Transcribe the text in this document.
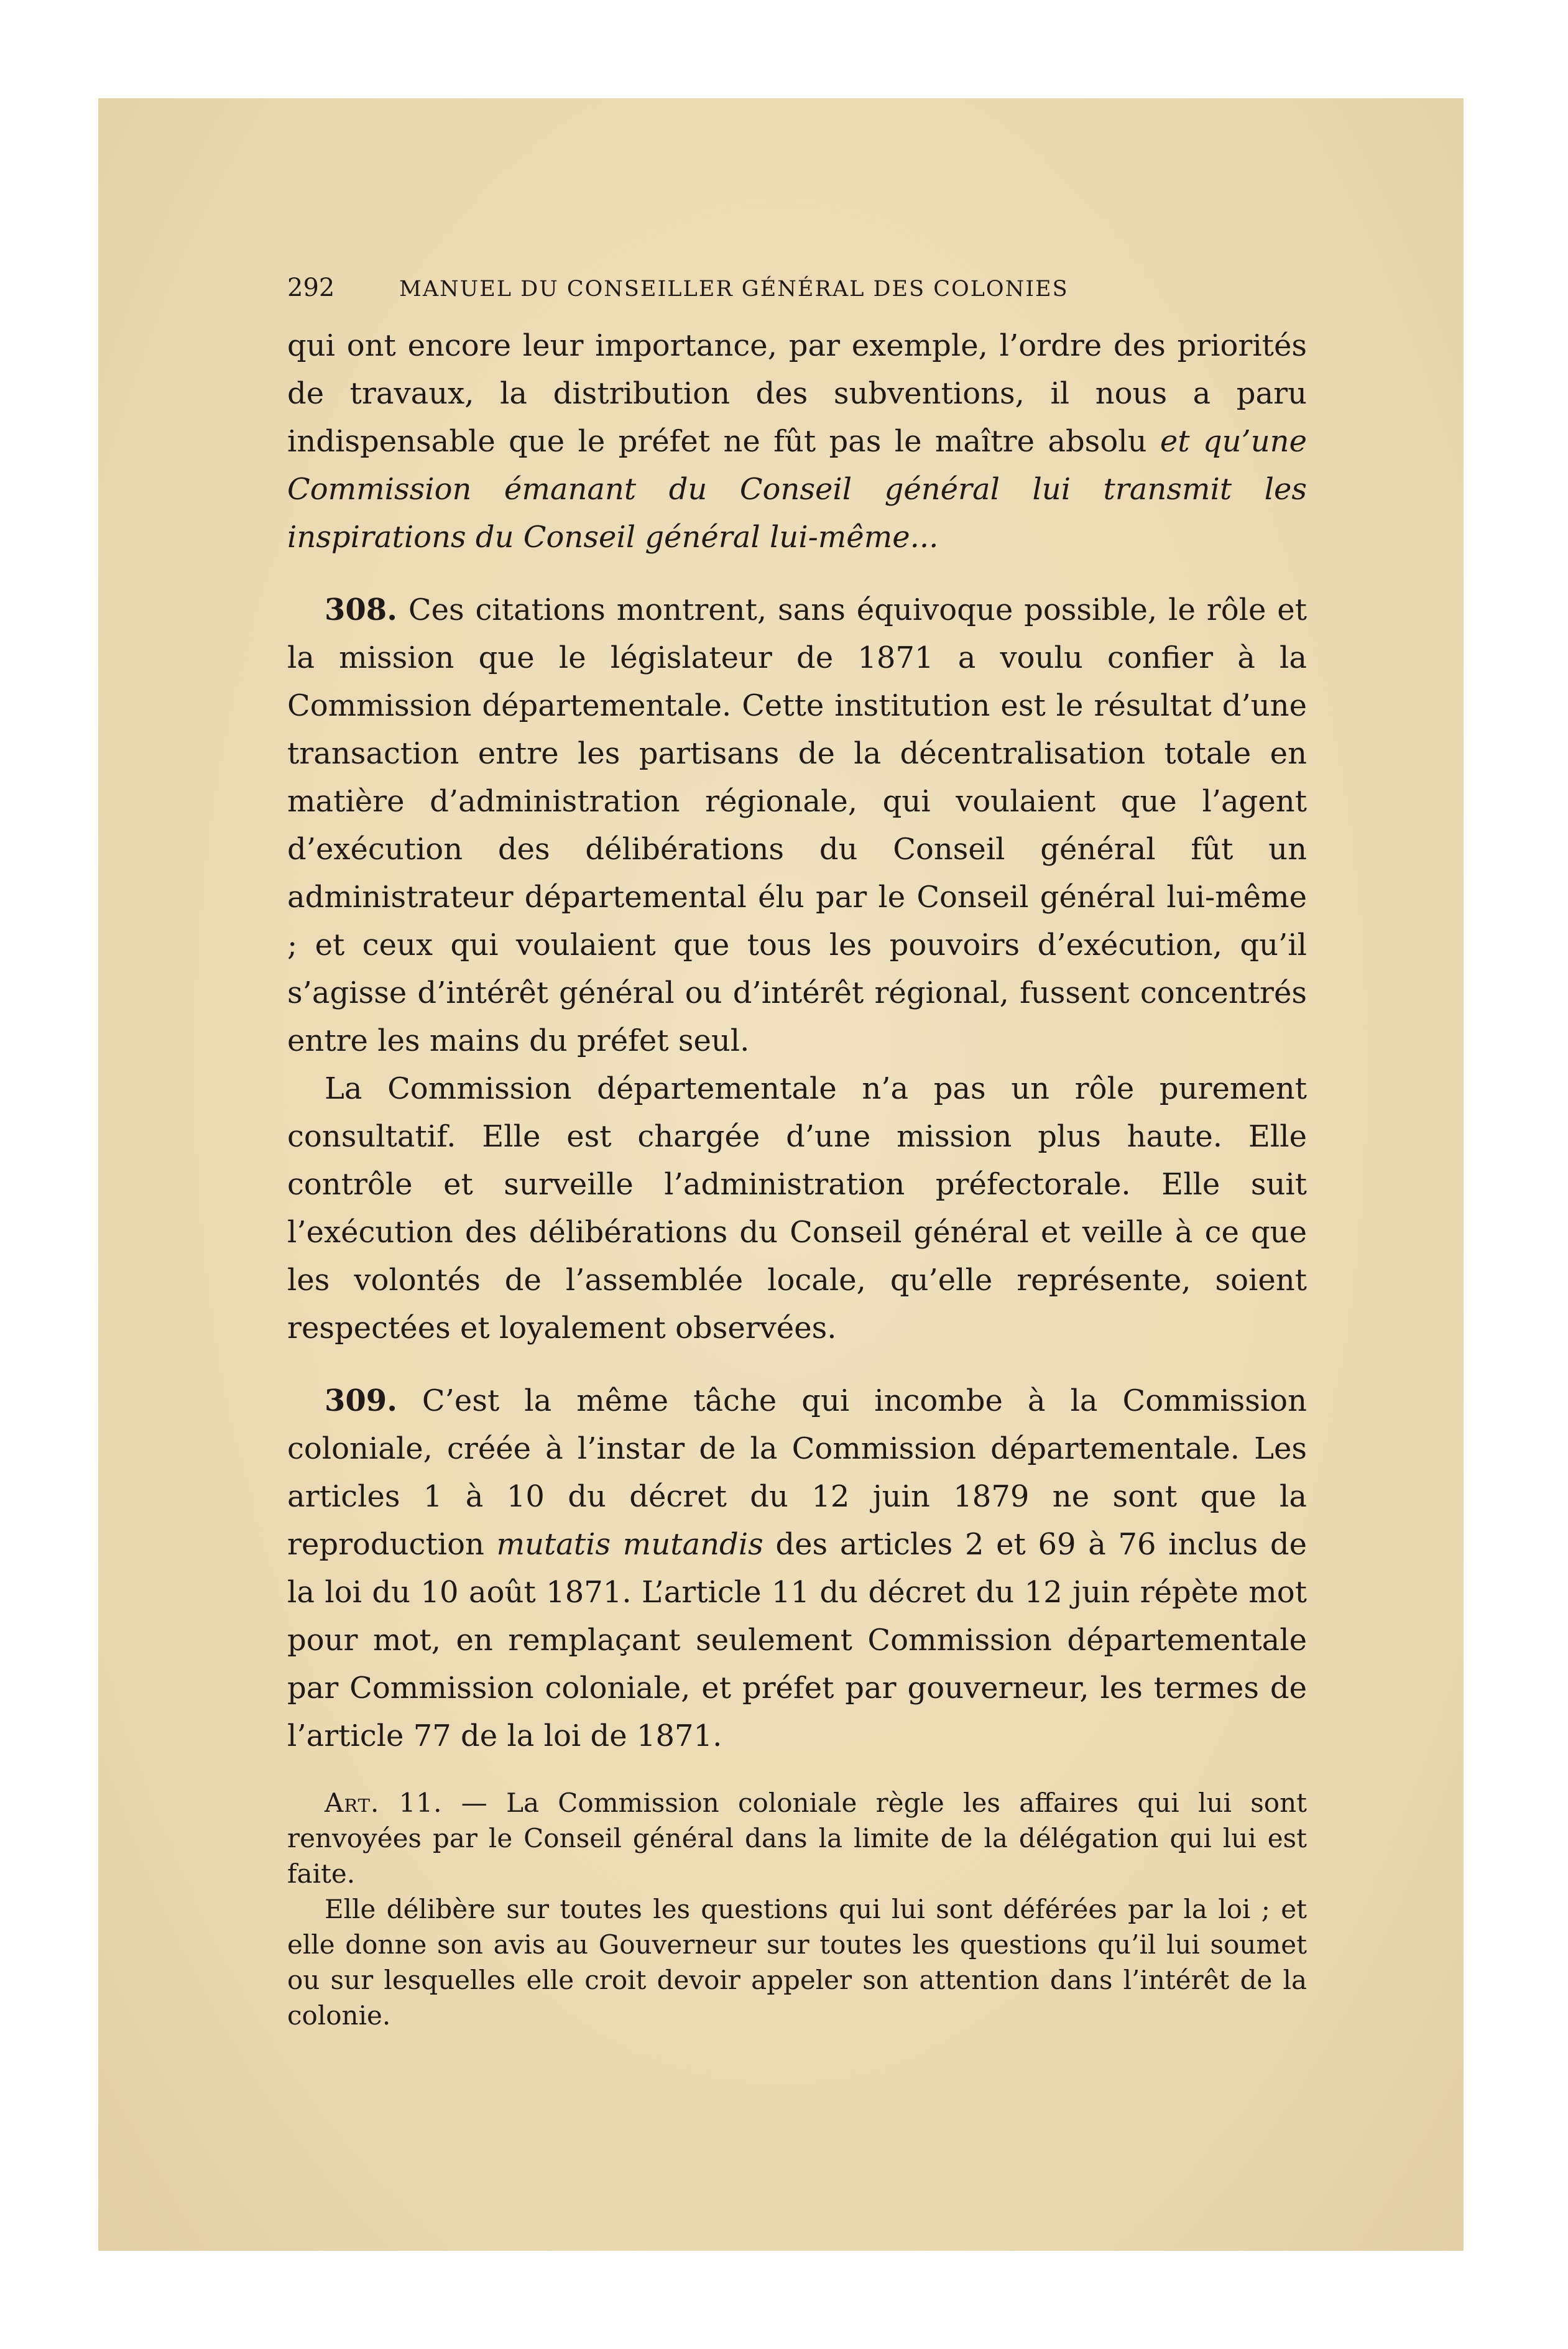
292	MANUEL DU CONSEILLER GÉNÉRAL DES COLONIES

qui ont encore leur importance, par exemple, l’ordre des priorités de travaux, la distribution des subventions, il nous a paru indispensable que le préfet ne fût pas le maître absolu et qu’une Commission émanant du Conseil général lui transmit les inspirations du Conseil général lui-même...

308. Ces citations montrent, sans équivoque possible, le rôle et la mission que le législateur de 1871 a voulu confier à la Commission départementale. Cette institution est le résultat d’une transaction entre les partisans de la décentralisation totale en matière d’administration régionale, qui voulaient que l’agent d’exécution des délibérations du Conseil général fût un administrateur départemental élu par le Conseil général lui-même ; et ceux qui voulaient que tous les pouvoirs d’exécution, qu’il s’agisse d’intérêt général ou d’intérêt régional, fussent concentrés entre les mains du préfet seul.

La Commission départementale n’a pas un rôle purement consultatif. Elle est chargée d’une mission plus haute. Elle contrôle et surveille l’administration préfectorale. Elle suit l’exécution des délibérations du Conseil général et veille à ce que les volontés de l’assemblée locale, qu’elle représente, soient respectées et loyalement observées.

309. C’est la même tâche qui incombe à la Commission coloniale, créée à l’instar de la Commission départementale. Les articles 1 à 10 du décret du 12 juin 1879 ne sont que la reproduction mutatis mutandis des articles 2 et 69 à 76 inclus de la loi du 10 août 1871. L’article 11 du décret du 12 juin répète mot pour mot, en remplaçant seulement Commission départementale par Commission coloniale, et préfet par gouverneur, les termes de l’article 77 de la loi de 1871.

Art. 11. — La Commission coloniale règle les affaires qui lui sont renvoyées par le Conseil général dans la limite de la délégation qui lui est faite.

Elle délibère sur toutes les questions qui lui sont déférées par la loi ; et elle donne son avis au Gouverneur sur toutes les questions qu’il lui soumet ou sur lesquelles elle croit devoir appeler son attention dans l’intérêt de la colonie.
